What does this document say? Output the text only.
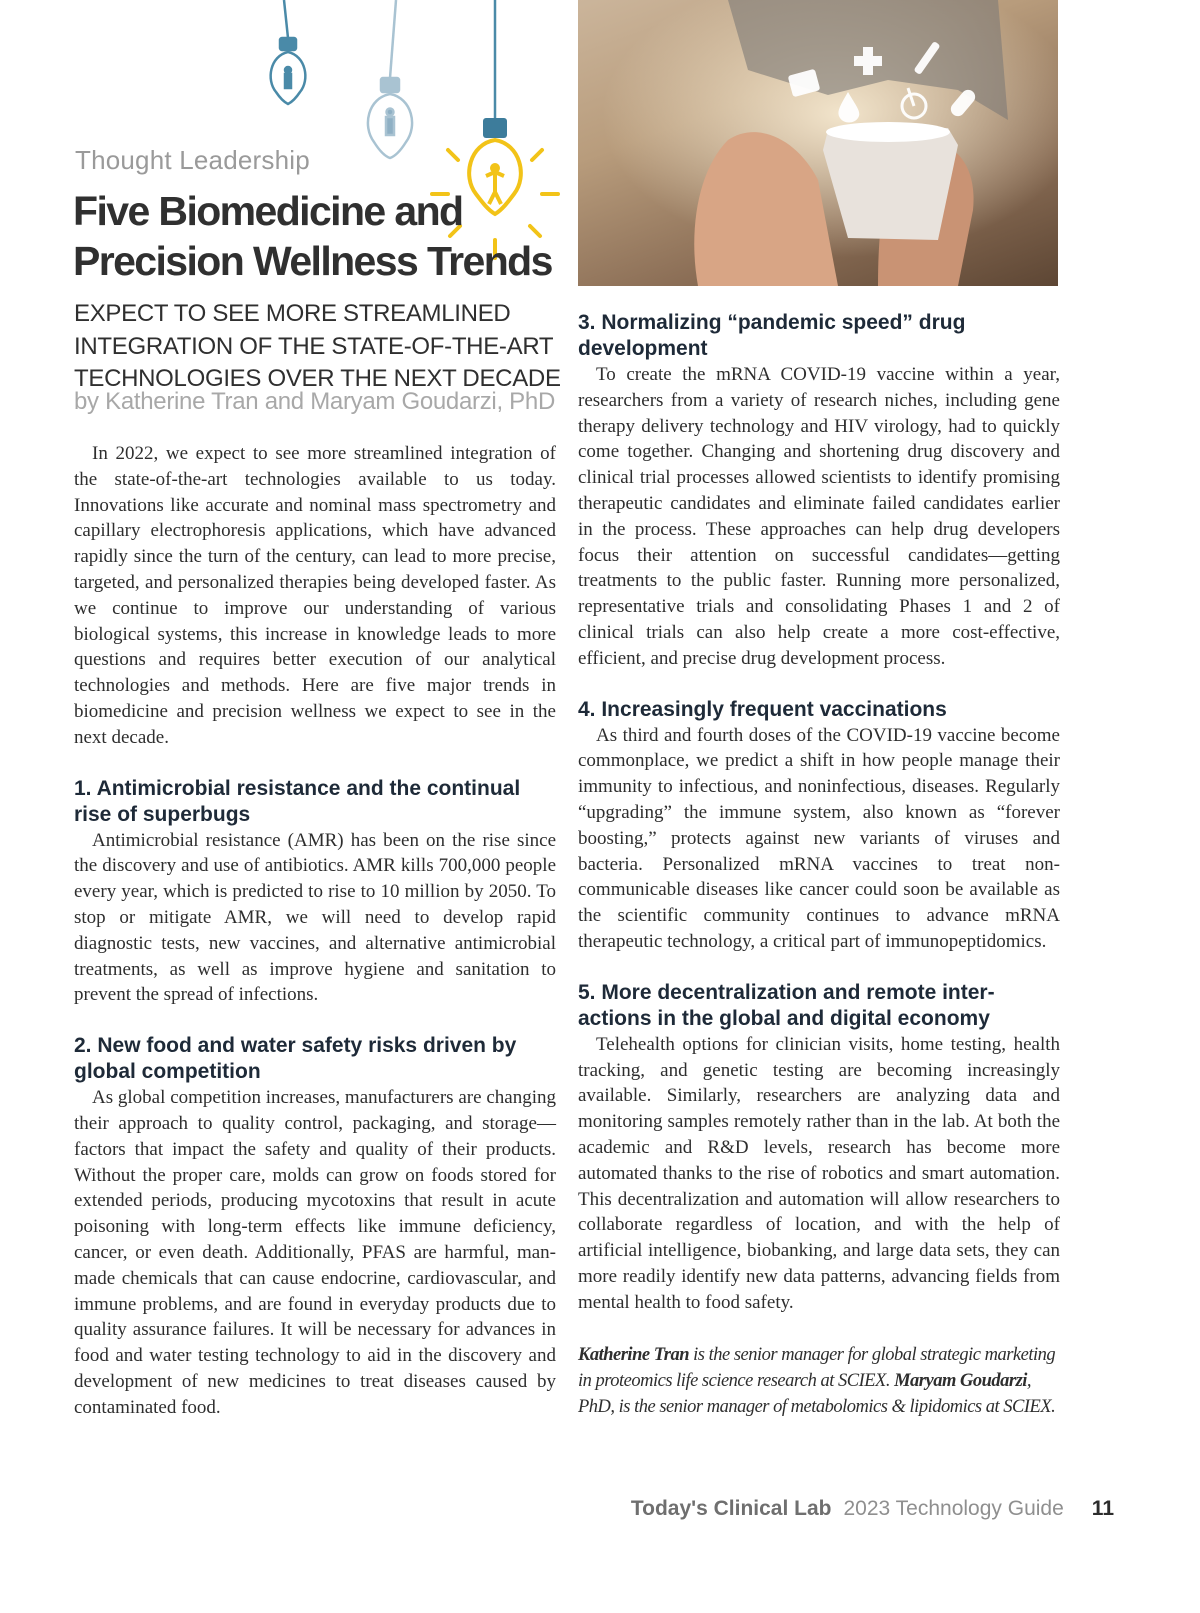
Thought Leadership
Five Biomedicine and
Precision Wellness Trends
EXPECT TO SEE MORE STREAMLINED
INTEGRATION OF THE STATE-OF-THE-ART
TECHNOLOGIES OVER THE NEXT DECADE
by Katherine Tran and Maryam Goudarzi, PhD

In 2022, we expect to see more streamlined integration of the state-of-the-art technologies available to us today. Innovations like accurate and nominal mass spectrometry and capillary electrophoresis applications, which have advanced rapidly since the turn of the century, can lead to more precise, targeted, and personalized therapies being developed faster. As we continue to improve our understanding of various biological systems, this increase in knowledge leads to more questions and requires better execution of our analytical technologies and methods. Here are five major trends in biomedicine and precision wellness we expect to see in the next decade.

1. Antimicrobial resistance and the continual rise of superbugs

Antimicrobial resistance (AMR) has been on the rise since the discovery and use of antibiotics. AMR kills 700,000 people every year, which is predicted to rise to 10 million by 2050. To stop or mitigate AMR, we will need to develop rapid diagnostic tests, new vaccines, and alternative antimicrobial treatments, as well as improve hygiene and sanitation to prevent the spread of infections.

2. New food and water safety risks driven by global competition

As global competition increases, manufacturers are changing their approach to quality control, packaging, and storage—factors that impact the safety and quality of their products. Without the proper care, molds can grow on foods stored for extended periods, producing mycotoxins that result in acute poisoning with long-term effects like immune deficiency, cancer, or even death. Additionally, PFAS are harmful, man-made chemicals that can cause endocrine, cardiovascular, and immune problems, and are found in everyday products due to quality assurance failures. It will be necessary for advances in food and water testing technology to aid in the discovery and development of new medicines to treat diseases caused by contaminated food.

3. Normalizing “pandemic speed” drug development

To create the mRNA COVID-19 vaccine within a year, researchers from a variety of research niches, including gene therapy delivery technology and HIV virology, had to quickly come together. Changing and shortening drug discovery and clinical trial processes allowed scientists to identify promising therapeutic candidates and eliminate failed candidates earlier in the process. These approaches can help drug developers focus their attention on successful candidates—getting treatments to the public faster. Running more personalized, representative trials and consolidating Phases 1 and 2 of clinical trials can also help create a more cost-effective, efficient, and precise drug development process.

4. Increasingly frequent vaccinations

As third and fourth doses of the COVID-19 vaccine become commonplace, we predict a shift in how people manage their immunity to infectious, and noninfectious, diseases. Regularly “upgrading” the immune system, also known as “forever boosting,” protects against new variants of viruses and bacteria. Personalized mRNA vaccines to treat non-communicable diseases like cancer could soon be available as the scientific community continues to advance mRNA therapeutic technology, a critical part of immunopeptidomics.

5. More decentralization and remote interactions in the global and digital economy

Telehealth options for clinician visits, home testing, health tracking, and genetic testing are becoming increasingly available. Similarly, researchers are analyzing data and monitoring samples remotely rather than in the lab. At both the academic and R&D levels, research has become more automated thanks to the rise of robotics and smart automation. This decentralization and automation will allow researchers to collaborate regardless of location, and with the help of artificial intelligence, biobanking, and large data sets, they can more readily identify new data patterns, advancing fields from mental health to food safety.

Katherine Tran is the senior manager for global strategic marketing in proteomics life science research at SCIEX. Maryam Goudarzi, PhD, is the senior manager of metabolomics & lipidomics at SCIEX.

Today's Clinical Lab 2023 Technology Guide 11
